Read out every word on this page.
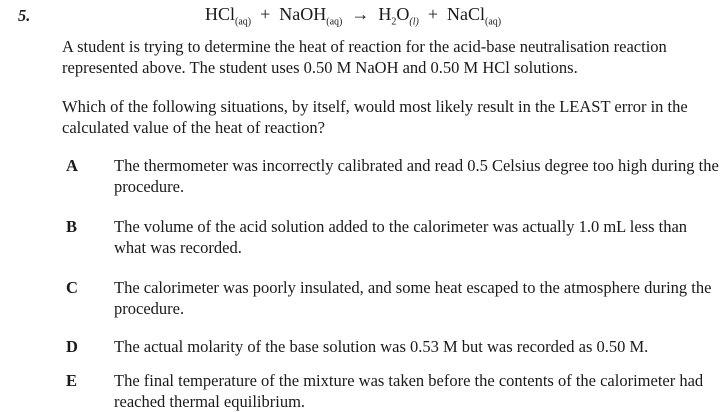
5.	HCl$_{(aq)}$ + NaOH$_{(aq)}$ → $H_2O_{(l)}$ + NaCl$_{(aq)}$
A student is trying to determine the heat of reaction for the acid-base neutralisation reaction represented above. The student uses 0.50 M NaOH and 0.50 M HCl solutions.
Which of the following situations, by itself, would most likely result in the LEAST error in the calculated value of the heat of reaction?
A	The thermometer was incorrectly calibrated and read 0.5 Celsius degree too high during the procedure.
B	The volume of the acid solution added to the calorimeter was actually 1.0 mL less than what was recorded.
C	The calorimeter was poorly insulated, and some heat escaped to the atmosphere during the procedure.
D	The actual molarity of the base solution was 0.53 M but was recorded as 0.50 M.
E	The final temperature of the mixture was taken before the contents of the calorimeter had reached thermal equilibrium.
